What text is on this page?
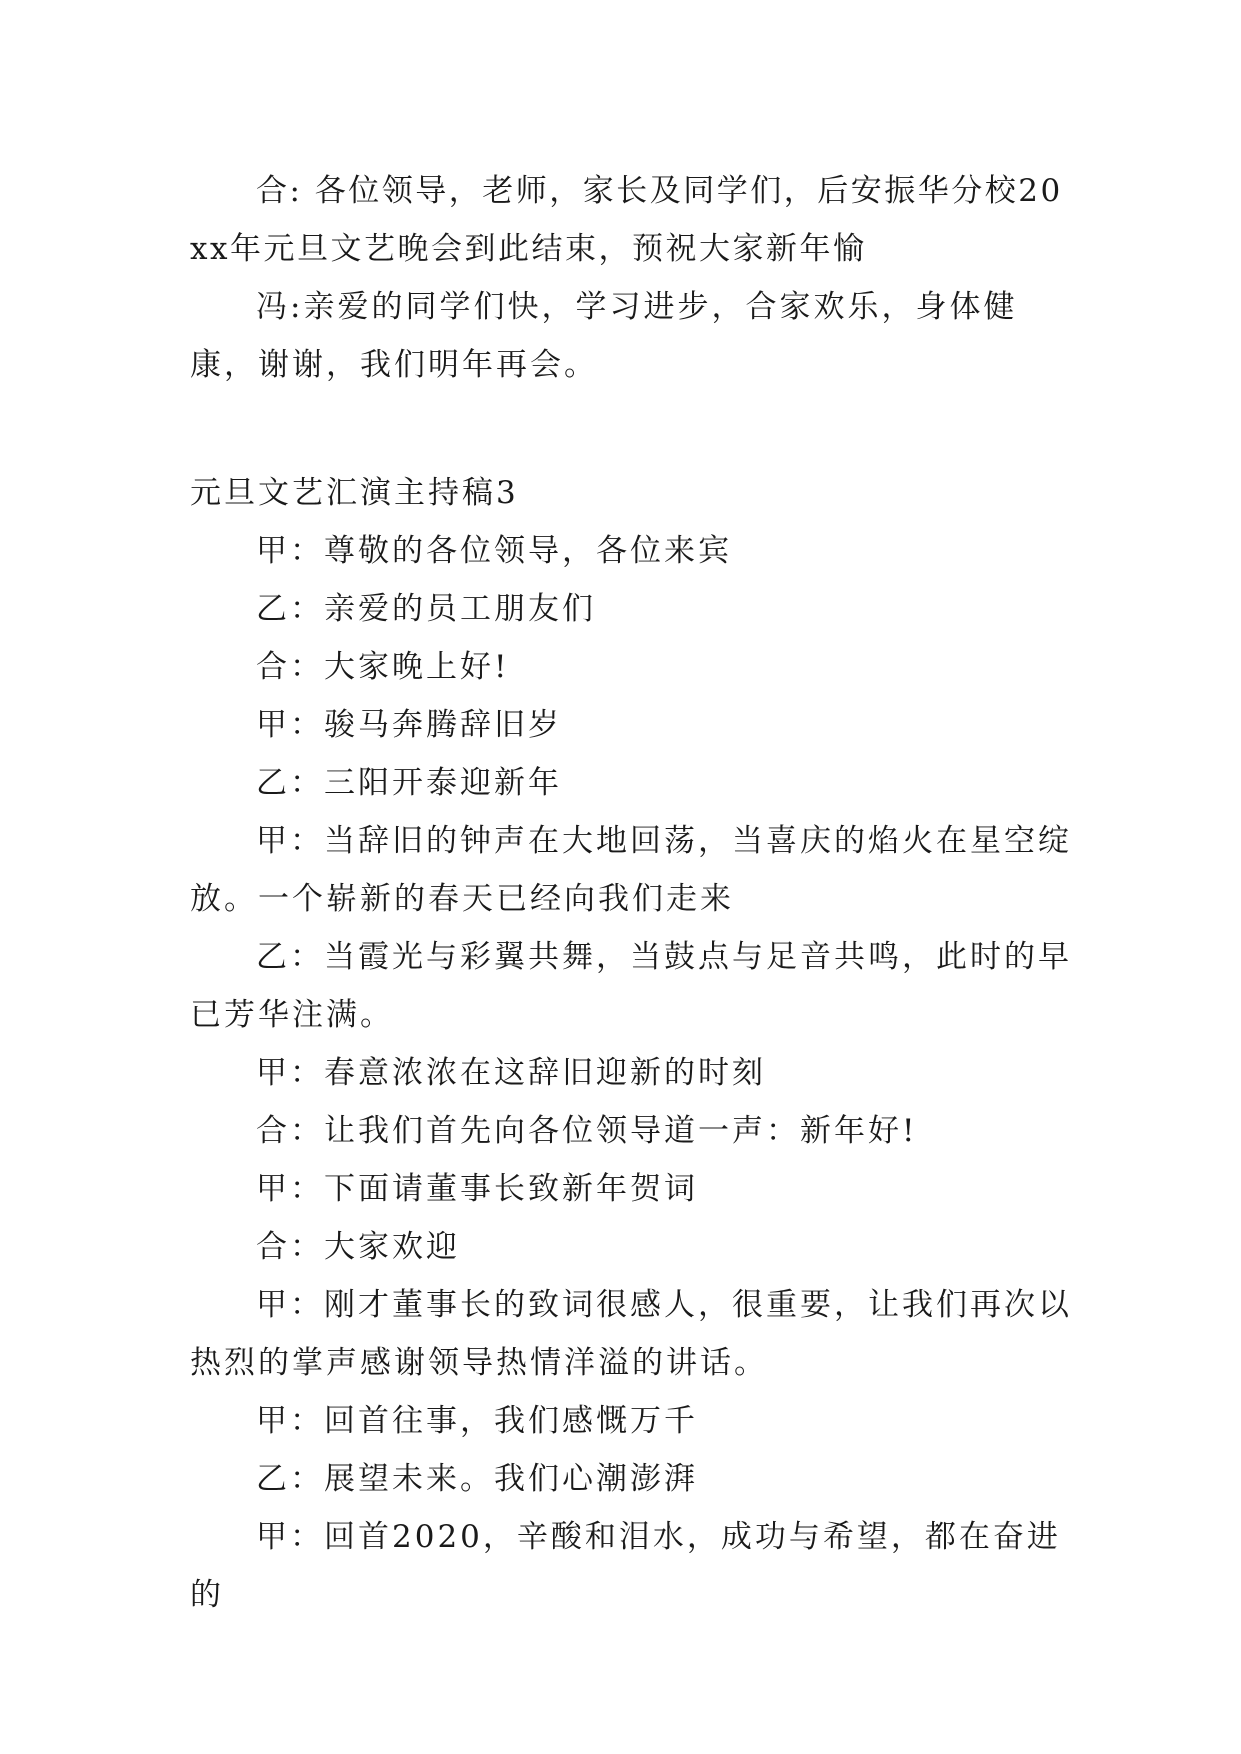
合: 各位领导，老师，家长及同学们，后安振华分校20xx年元旦文艺晚会到此结束，预祝大家新年愉

冯:亲爱的同学们快，学习进步，合家欢乐，身体健康，谢谢，我们明年再会。

元旦文艺汇演主持稿3

甲：尊敬的各位领导，各位来宾

乙：亲爱的员工朋友们

合：大家晚上好!

甲：骏马奔腾辞旧岁

乙：三阳开泰迎新年

甲：当辞旧的钟声在大地回荡，当喜庆的焰火在星空绽放。一个崭新的春天已经向我们走来

乙：当霞光与彩翼共舞，当鼓点与足音共鸣，此时的早已芳华注满。

甲：春意浓浓在这辞旧迎新的时刻

合：让我们首先向各位领导道一声：新年好!

甲：下面请董事长致新年贺词

合：大家欢迎

甲：刚才董事长的致词很感人，很重要，让我们再次以热烈的掌声感谢领导热情洋溢的讲话。

甲：回首往事，我们感慨万千

乙：展望未来。我们心潮澎湃

甲：回首2020，辛酸和泪水，成功与希望，都在奋进的
